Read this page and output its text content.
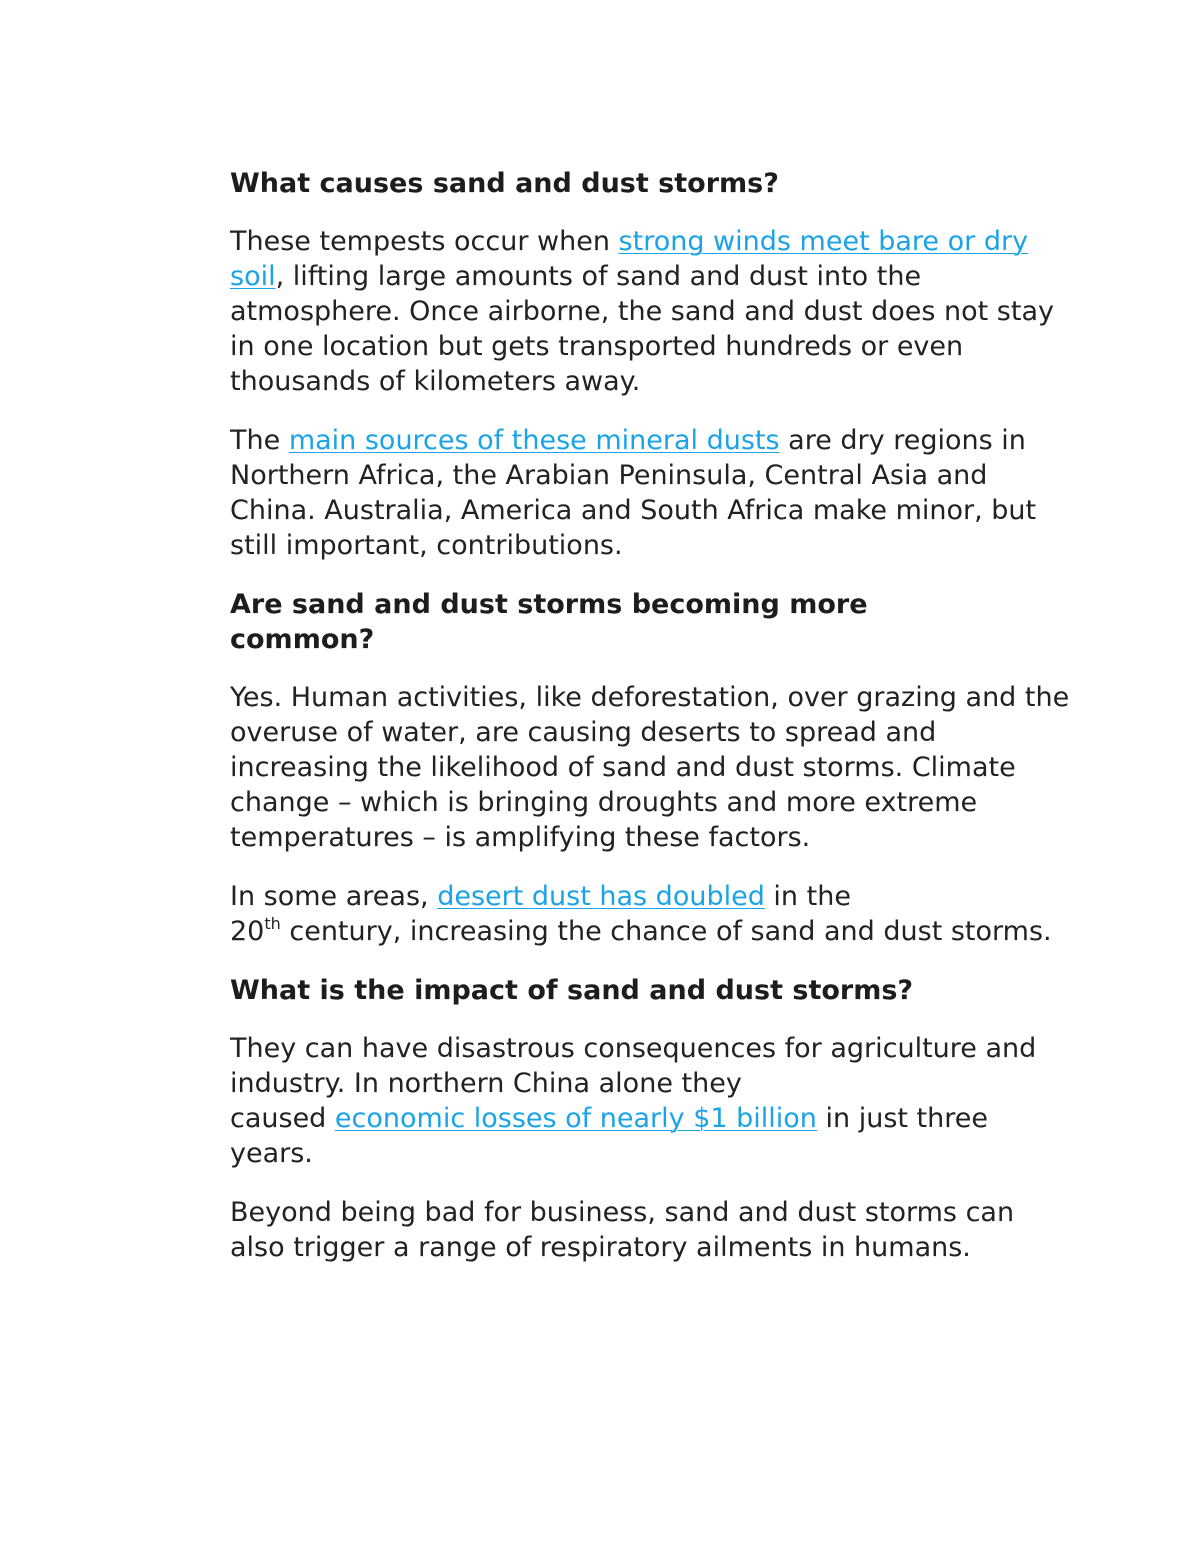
What causes sand and dust storms?

These tempests occur when strong winds meet bare or dry soil, lifting large amounts of sand and dust into the atmosphere. Once airborne, the sand and dust does not stay in one location but gets transported hundreds or even thousands of kilometers away.

The main sources of these mineral dusts are dry regions in Northern Africa, the Arabian Peninsula, Central Asia and China. Australia, America and South Africa make minor, but still important, contributions.

Are sand and dust storms becoming more common?

Yes. Human activities, like deforestation, over grazing and the overuse of water, are causing deserts to spread and increasing the likelihood of sand and dust storms. Climate change – which is bringing droughts and more extreme temperatures – is amplifying these factors.

In some areas, desert dust has doubled in the
20th century, increasing the chance of sand and dust storms.

What is the impact of sand and dust storms?

They can have disastrous consequences for agriculture and industry. In northern China alone they
caused economic losses of nearly $1 billion in just three years.

Beyond being bad for business, sand and dust storms can also trigger a range of respiratory ailments in humans.
